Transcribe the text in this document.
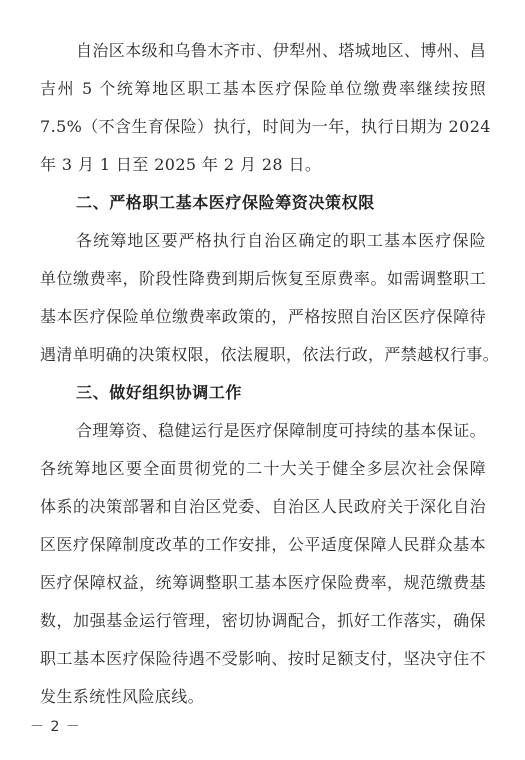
自治区本级和乌鲁木齐市、伊犁州、塔城地区、博州、昌
吉州 5 个统筹地区职工基本医疗保险单位缴费率继续按照
7.5%（不含生育保险）执行，时间为一年，执行日期为 2024
年 3 月 1 日至 2025 年 2 月 28 日。
二、严格职工基本医疗保险筹资决策权限
各统筹地区要严格执行自治区确定的职工基本医疗保险
单位缴费率，阶段性降费到期后恢复至原费率。如需调整职工
基本医疗保险单位缴费率政策的，严格按照自治区医疗保障待
遇清单明确的决策权限，依法履职，依法行政，严禁越权行事。
三、做好组织协调工作
合理筹资、稳健运行是医疗保障制度可持续的基本保证。
各统筹地区要全面贯彻党的二十大关于健全多层次社会保障
体系的决策部署和自治区党委、自治区人民政府关于深化自治
区医疗保障制度改革的工作安排，公平适度保障人民群众基本
医疗保障权益，统筹调整职工基本医疗保险费率，规范缴费基
数，加强基金运行管理，密切协调配合，抓好工作落实，确保
职工基本医疗保险待遇不受影响、按时足额支付，坚决守住不
发生系统性风险底线。
－ 2 －
